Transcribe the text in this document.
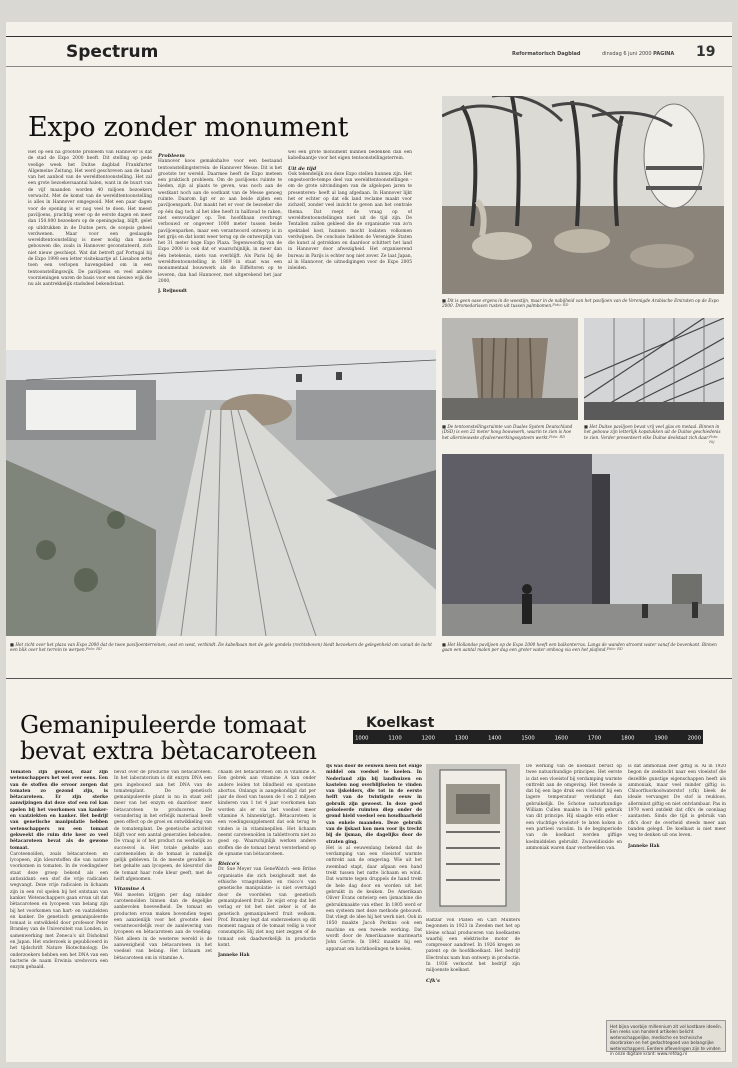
Spectrum	Reformatorisch Dagblad	dinsdag 6 juni 2000 PAGINA 19
Expo zonder monument
Het op een na grootste probleem van Hannover is dat de stad de Expo 2000 heeft. Dit stelling op pede veelige week het Duitse dagblad Frankfurter Allgemeine Zeitung. Het werd geschreven aan de hand van het aanbod van de wereldtentoonstelling. Het zal een grote bezoekersaantal halen, want in de buurt van de vijf maanden worden 40 miljoen bezoekers verwacht. Met de komst van de wereldtentoonstelling is alles in Hannover omgegooid. Met een paar dagen voor de opening is er nog veel te doen. Het meest paviljoens, prachtig weer op de eerste dagen en meer dan 150.000 bezoekers op de openingsdag, blijft, gelet op uitdrukken in de Duitse pers, de scepsis geheel verdwenen. Maar voor een geslaagde wereldtentoonstelling is meer nodig dan mooie gebouwen die, zoals in Hannover geconstateerd, zich niet nieuw geschiept. Wat dat betreft gaf Portugal bij de Expo 1998 een letter visitekaartje af. Lissabon zette toen een verlopen havengebied om in een tentoonstellingswijk. De paviljoens en veel andere voorzieningen waren de basis voor een nieuwe wijk die nu als aantrekkelijk stadsdeel bekendstaat.
Probleem
Hannover koos gemakshalve voor een bestaand tentoonstellingsterrein: de Hannover Messe. Dit is het grootste ter wereld. Daarmee heeft de Expo meteen een praktisch probleem. Om de paviljoens ruimte te bieden, zijn al plaats te geven, was noch aan de westkant noch aan de oostkant van de Messe genoeg ruimte. Daarom ligt er zo aan beide zijden een paviljoenspark. Dat maakt het er voor de bezoeker die op één dag toch al het idee heeft in halfzoud te raken, niet eenvoudiger op. Ten hoofdbaan overbrugt verbouwd er ongeveer 1000 meter tussen beide paviljoenparken, maar een verantwoord ontwerp is in het grijs en dat komt weer terug op de ontwerplijn van het 31 meter hoge Expo Plaza. Tegenwoordig van de Expo 2000 is ook dat er waarschijnlijk, in meer dan één betekenis, niets van overblijft. Als Paris bij de wereldtentoonstelling in 1889 in staat was een monumentaal bouwwerk als de Eiffeltoren op te leveren, dan had Hannover, met uitgerekend het jaar 2000,
J. Reijnoudt
wel een grote monument kunnen bedenken dan een kabelbaantje voor het eigen tentoonstellingsterrein.
Uit de tijd
Ook tekendelijk zou deze Expo stellen hunnen zijn. Het ongestoorde-tempo deel van wereldtentoonstellingen -om de grote uitvindingen van de afgelopen jaren te presenteren- heeft al lang afgedaan. In Hannover lijkt het er echter op dat elk land reclame maakt voor zichzelf, zonder veel inzicht te geven aan het centrale thema. Dat roept de vraag op of wereldtentoonstellingen niet uit de tijd zijn. De Tentallen zullen gekleed die de organisatie van zo'n spektakel kost, hunnen mocht loslaten volkomen verdwijnen. De conclusie hebben de Verenigde Staten die kunst al getrokken en daardoor schittert het land in Hannover door afwezigheid. Het organiserend bureau in Parijs is echter nog niet zover. Ze laat Japan, al in Hannover, de uitnodigingen voor de Expo 2005 inleiden.
■ Dit is geen oase ergens in de woestijn, maar in de nabijheid van het paviljoen van de Verenigde Arabische Emiraten op de Expo 2000. Dromedarissen rusten uit tussen palmbomen. Foto: RD
■ De tentoonstellingsruimte van Duales System Deutschland (DSD) is een 22 meter hoog bouwwerk, waarin te zien is hoe het allernieuwste afvalverwerkingssysteem werkt. Foto: RD
■ Het Duitse paviljoen bevat vrij veel glas en metaal. Binnen in het gebouw zijn letterlijk kopstukken uit de Duitse geschiedenis te zien. Verder presenteert elke Duitse deelstaat zich daar. Foto: Nij
■ Het zicht over het plaza van Expo 2000 dat de twee paviljoenterreinen, oost en west, verbindt. De kabelbaan met de gele gondels (rechtsboven) biedt bezoekers de gelegenheid om vanuit de lucht een blik over het terrein te werpen. Foto: RD
■ Het Hollandse paviljoen op de Expo 2000 heeft een balkonterras. Langs de wanden stroomt water vanaf de bovenkant. Binnen gaan een aantal malen per dag een groter water omhoog via een het plafond. Foto: RD
Gemanipuleerde tomaat bevat extra bètacaroteen
Tomaten zijn gezond, daar zijn wetenschappers het wel over eens. Een van de stoffen die ervoor zorgen dat tomaten zo gezond zijn, is bètacaroteen. Er zijn sterke aanwijzingen dat deze stof een rol kan spelen bij het voorkomen van kanker- en vaatziekten en kanker. Het bedrijf van genetische manipulatie hebben wetenschappers nu een tomaat gekweekt die ruim drie keer zo veel bètacaroteen bevat als de gewone tomaat.
Caroteenoïden, zoals bètacaroteen en lycopeen, zijn kleurstoffen die van nature voorkomen in tomaten. In de voedingsleer staat deze groep bekend als een antioxidant: een stof die vrije radicalen wegvangt. Deze vrije radicalen in lichaam zijn in een rol spelen bij het ontstaan van kanker. Wetenschappers gaan ervan uit dat bètacaroteen en lycopeen van belang zijn bij het voorkomen van hart- en vaatziekten en kanker. De genetisch gemanipuleerde tomaat is ontwikkeld door professor Peter Bramley van de Universiteit van Londen, in samenwerking met Zeneca's uit Dishoknd en Japan. Het onderzoek is gepubliceerd in het tijdschrift Nature Biotechnology. De onderzoekers hebben een het DNA van een bacterie de naam Erwinia uredovora een enzym gehaald.
bevat over de productie van bètacaroteen. In het laboratorium is dit enzym DNA een gen ingebouwd aan het DNA van de tomatenplant. De genetisch gemanipuleerde plant is nu in staat zelf meer van het enzym en daardoor meer bètacaroteen te produceren. De verandering in het erfelijk materiaal heeft geen effect op de groei en ontwikkeling van de tomatenplant. De genetische activiteit blijft voor een aantal generaties behouden. De vraag is of het product nu werkelijk zo succesvol is. Het totale gehalte aan caroteenoïden in de tomaat is namelijk gelijk gebleven. In de meeste gevallen is het gehalte aan lycopeen, de kleurstof die de tomaat haar rode kleur geeft, met de helft afgenomen.
Vitamine A
Wel moeten krijgen per dag minder caroteenoïden binnen dan de degelijke aanbevolen hoeveelheid. De tomaat en producten ervan maken bovendien tegen een aanzienlijk voor het grootste deel verantwoordelijk voor de aanlevering van lycopeen en bètacaroteen aan de voeding. Niet alleen in de westerse wereld is de aanwezigheid van bètacaroteen in het voedsel van belang. Het lichaam zet bètacaroteen om in vitamine A.
chaam zet bètacaroteen om in vitamine A. Een gebrek aan vitamine A kan onder andere leiden tot blindheid en spontane abortus. Onlangs is aangekondigd dat per jaar de dood van tussen de 1 en 2 miljoen kinderen van 1 tot 4 jaar voorkomen kan worden als er via het voedsel meer vitamine A binnenkrijgt. Bètacaroteen is een voedingssupplement dat ook terug te vinden is in vitaminepillen. Het lichaam neemt caroteenoïden in tablettvorm niet zo goed op. Waarschijnlijk werken andere stoffen die de tomaat bevat versterkend op de opname van bètacaroteen.
Risico's
Dr. Sue Meyer van GeneWatch -een Britse organisatie die zich bezighoudt met de ethische vraagstukken en risico's van genetische manipulatie- is niet overtuigd door de voordelen van genetisch gemanipuleerd fruit. Ze wijst erop dat het verlag er tot het niet zeker is of de genetisch gemanipuleerd fruit welkom. Prof. Bramley legt dat onderzoekers op dit moment nagaan of de tomaat veilig is voor consumptie. Hij ziet nog niet zeggen of de tomaat ook daadwerkelijk in productie komt.
Janneke Hak
1000	1100	1200	1300	1400	1500	1600	1700	1800	1900	2000
Koelkast
Ijs was door de eeuwen heen het enige middel om voedsel te koelen. In Nederland zijn bij landhuizen en kastelen nog overblijfselen te vinden van ijskelders, die tot in de eerste helft van de twintigste eeuw in gebruik zijn geweest. In deze goed geïsoleerde ruimten diep onder de grond hield voedsel een houdbaarheid van enkele maanden. Deze gebruik van de ijskast kon men voor ijs trecht bij de ijsman, die dagelijks door de straten ging.
Het is al eeuwenlang bekend dat de verdamping van een vloeistof warmte onttrekt aan de omgeving. Wie uit het zwembad stapt, daar afgaan een hand trekt tussen het natte lichaam en wind. Dat warmte tegen druppels de hand trekt de hele dag door en worden uit het gebruikt in de keuken. De Amerikaan Oliver Evans ontwierp een ijsmachine die gebruikmaakte van ether. In 1805 werd er een systeem met deze methode gebouwd. Dat vliegt de idee hij het werk niet. Ook in 1850 maakte Jacob Perkins ook een machine en een tweede werking. Dat wordt door de Amerikaanse marinearts John Gorrie. In 1842 maakte hij een apparaat om luchtkoelingen te koelen.
Baltzar von Platen en Carl Munters begonnen in 1923 in Zweden met het op kleine schaal produceren van koelkasten waarbij een elektrische motor de compressor aandreef. In 1926 kregen ze patent op de hoofdkoelkast. Het bedrijf Electrolux nam hun ontwerp in productie. In 1936 verkocht het bedrijf zijn miljoenste koelkast.
Cfk's
De werking van de koelkast berust op twee natuurkundige principes. Het eerste is dat een vloeistof bij verdamping warmte onttrekt aan de omgeving. Het tweede is dat bij een lage druk een vloeistof bij een lagere temperatuur verdampt dan gebruikelijk. De Schotse natuurkundige William Cullen maakte in 1748 gebruik van dit principe. Hij slaagde erin ether -een vluchtige vloeistof- te laten koken in een partieel vacuüm. In de beginperiode van de koelkast werden giftige koelmiddelen gebruikt. Zwaveldioxide en ammoniak waren daar voorbeelden van.
is dat ammoniak zeer giftig is. Al in 1920 begon de zoektocht naar een vloeistof die dezelfde gunstige eigenschappen heeft als ammoniak, maar veel minder giftig is. Chloorfluorkoolwaterstof (cfk) bleek de ideale vervanger. De stof is reukloos, allerminst giftig en niet ontvlambaar. Pas in 1970 werd ontdekt dat cfk's de ozonlaag aantasten. Sinds die tijd is gebruik van cfk's door de overheid steeds meer aan banden gelegd. De koelkast is niet meer weg te denken uit ons leven.
Janneke Hak
Het bijna voorbije millennium zit vol kostbare ideeën. Een reeks van honderd artikelen belicht wetenschappelijke, medische en technische doorbraken en het gedachtegoed van belangrijke wetenschappers. Eerdere afleveringen zijn te vinden in onze digitale krant: www.refdag.nl
